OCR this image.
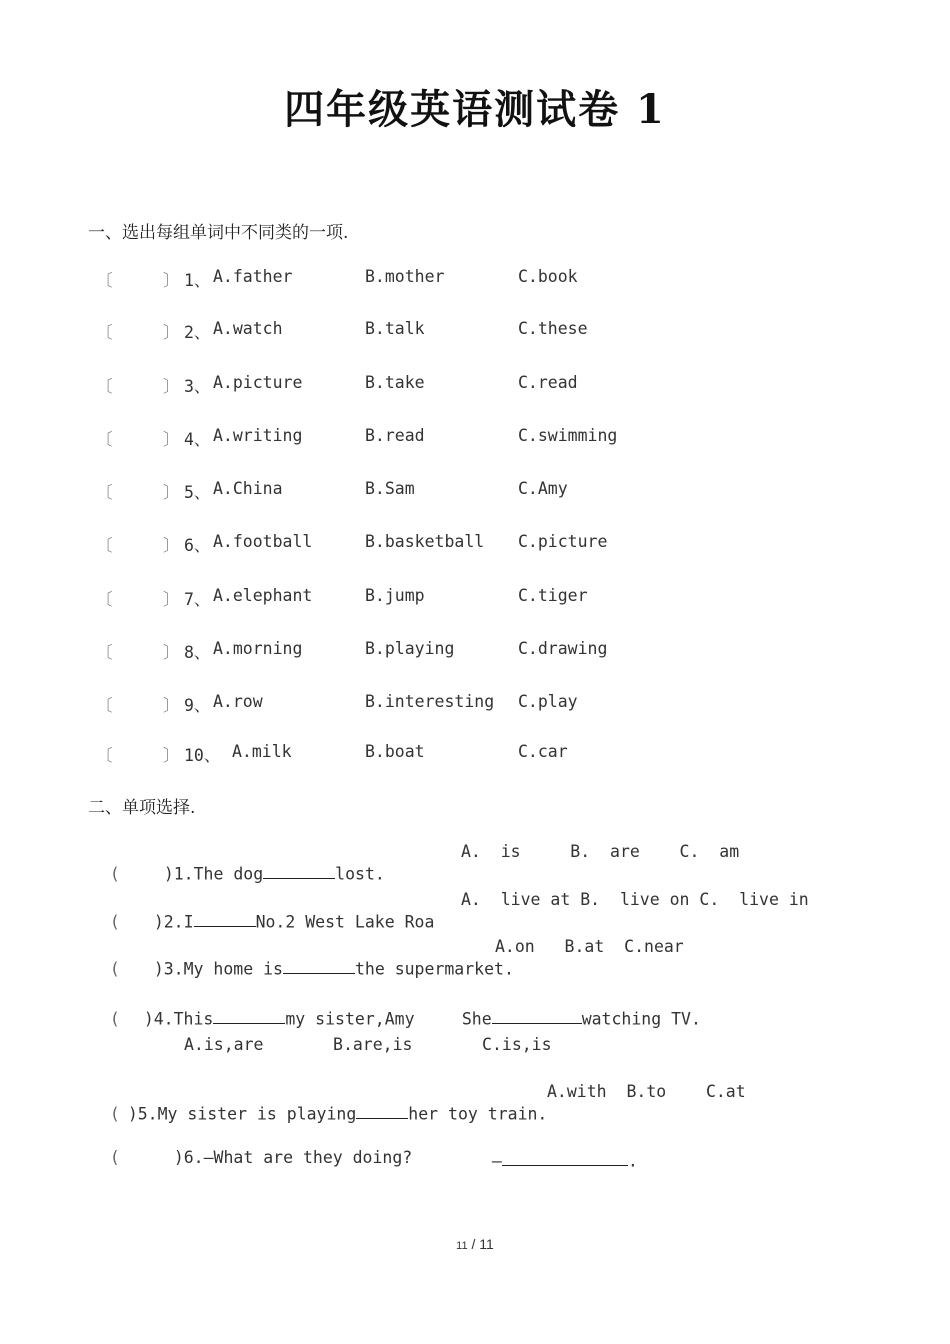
四年级英语测试卷 1
一、选出每组单词中不同类的一项.
〔	〕 1、 A.father	B.mother	C.book
〔	〕 2、 A.watch	B.talk	C.these
〔	〕 3、 A.picture	B.take	C.read
〔	〕 4、 A.writing	B.read	C.swimming
〔	〕 5、 A.China	B.Sam	C.Amy
〔	〕 6、 A.football	B.basketball C.picture
〔	〕 7、 A.elephant	B.jump	C.tiger
〔	〕 8、 A.morning	B.playing	C.drawing
〔	〕 9、 A.row	B.interesting C.play
〔	〕 10、 A.milk	B.boat	C.car
二、单项选择.

(	)1.The dog	lost.

A.  is     B.  are    C.  am

( )2.I	No.2 West Lake Roa

A.  live at B.  live on C.  live in

( )3.My home is	the supermarket.

A.on   B.at  C.near

( )4.This	my sister,Amy	She	watching TV.

A.is,are       B.are,is       C.is,is

( )5.My sister is playing	her toy train.

A.with  B.to    C.at

(	)6.—What are they doing?	—	.

11 / 11
